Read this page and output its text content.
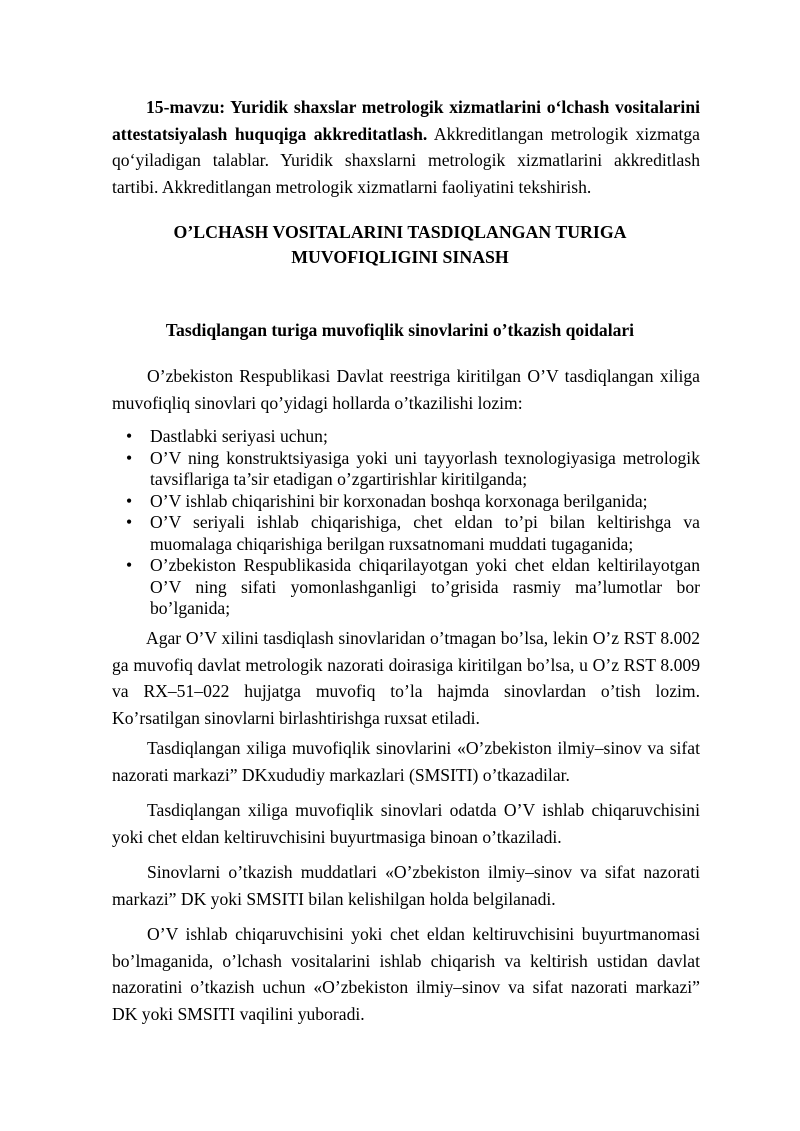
15-mavzu: Yuridik shaxslar metrologik xizmatlarini o‘lchash vositalarini attestatsiyalash huquqiga akkreditatlash. Akkreditlangan metrologik xizmatga qo‘yiladigan talablar. Yuridik shaxslarni metrologik xizmatlarini akkreditlash tartibi. Akkreditlangan metrologik xizmatlarni faoliyatini tekshirish.

O’LCHASH VOSITALARINI TASDIQLANGAN TURIGA
MUVOFIQLIGINI SINASH
Tasdiqlangan turiga muvofiqlik sinovlarini o’tkazish qoidalari

O’zbekiston Respublikasi Davlat reestriga kiritilgan O’V tasdiqlangan xiliga muvofiqliq sinovlari qo’yidagi hollarda o’tkazilishi lozim:

• Dastlabki seriyasi uchun;
• O’V ning konstruktsiyasiga yoki uni tayyorlash texnologiyasiga metrologik tavsiflariga ta’sir etadigan o’zgartirishlar kiritilganda;
• O’V ishlab chiqarishini bir korxonadan boshqa korxonaga berilganida;
• O’V seriyali ishlab chiqarishiga, chet eldan to’pi bilan keltirishga va muomalaga chiqarishiga berilgan ruxsatnomani muddati tugaganida;
• O’zbekiston Respublikasida chiqarilayotgan yoki chet eldan keltirilayotgan O’V ning sifati yomonlashganligi to’grisida rasmiy ma’lumotlar bor bo’lganida;

Agar O’V xilini tasdiqlash sinovlaridan o’tmagan bo’lsa, lekin O’z RST 8.002 ga muvofiq davlat metrologik nazorati doirasiga kiritilgan bo’lsa, u O’z RST 8.009 va RX–51–022 hujjatga muvofiq to’la hajmda sinovlardan o’tish lozim. Ko’rsatilgan sinovlarni birlashtirishga ruxsat etiladi.

Tasdiqlangan xiliga muvofiqlik sinovlarini «O’zbekiston ilmiy–sinov va sifat nazorati markazi” DKxududiy markazlari (SMSITI) o’tkazadilar.

Tasdiqlangan xiliga muvofiqlik sinovlari odatda O’V ishlab chiqaruvchisini yoki chet eldan keltiruvchisini buyurtmasiga binoan o’tkaziladi.

Sinovlarni o’tkazish muddatlari «O’zbekiston ilmiy–sinov va sifat nazorati markazi” DK yoki SMSITI bilan kelishilgan holda belgilanadi.

O’V ishlab chiqaruvchisini yoki chet eldan keltiruvchisini buyurtmanomasi bo’lmaganida, o’lchash vositalarini ishlab chiqarish va keltirish ustidan davlat nazoratini o’tkazish uchun «O’zbekiston ilmiy–sinov va sifat nazorati markazi” DK yoki SMSITI vaqilini yuboradi.
